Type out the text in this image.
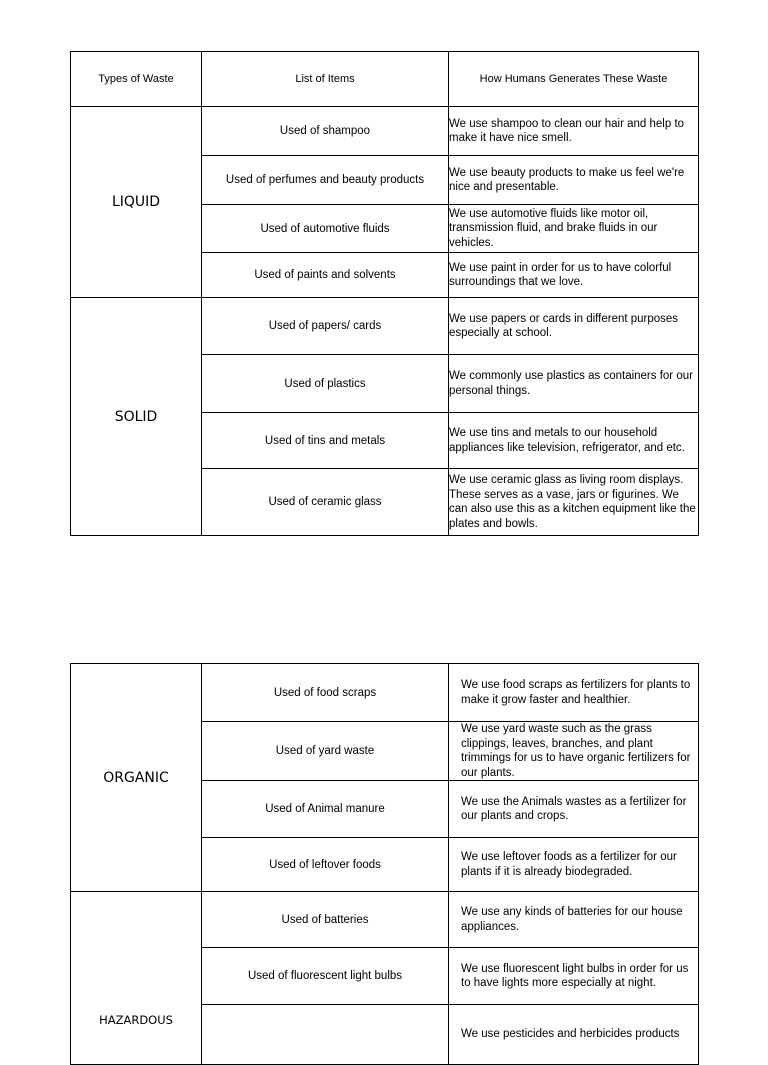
Types of Waste	List of Items	How Humans Generates These Waste
LIQUID	Used of shampoo	We use shampoo to clean our hair and help to make it have nice smell.
	Used of perfumes and beauty products	We use beauty products to make us feel we're nice and presentable.
	Used of automotive fluids	We use automotive fluids like motor oil, transmission fluid, and brake fluids in our vehicles.
	Used of paints and solvents	We use paint in order for us to have colorful surroundings that we love.
SOLID	Used of papers/ cards	We use papers or cards in different purposes especially at school.
	Used of plastics	We commonly use plastics as containers for our personal things.
	Used of tins and metals	We use tins and metals to our household appliances like television, refrigerator, and etc.
	Used of ceramic glass	We use ceramic glass as living room displays. These serves as a vase, jars or figurines. We can also use this as a kitchen equipment like the plates and bowls.
ORGANIC	Used of food scraps	We use food scraps as fertilizers for plants to make it grow faster and healthier.
	Used of yard waste	We use yard waste such as the grass clippings, leaves, branches, and plant trimmings for us to have organic fertilizers for our plants.
	Used of Animal manure	We use the Animals wastes as a fertilizer for our plants and crops.
	Used of leftover foods	We use leftover foods as a fertilizer for our plants if it is already biodegraded.

HAZARDOUS	Used of batteries	We use any kinds of batteries for our house appliances.
	Used of fluorescent light bulbs	We use fluorescent light bulbs in order for us to have lights more especially at night.
		We use pesticides and herbicides products
